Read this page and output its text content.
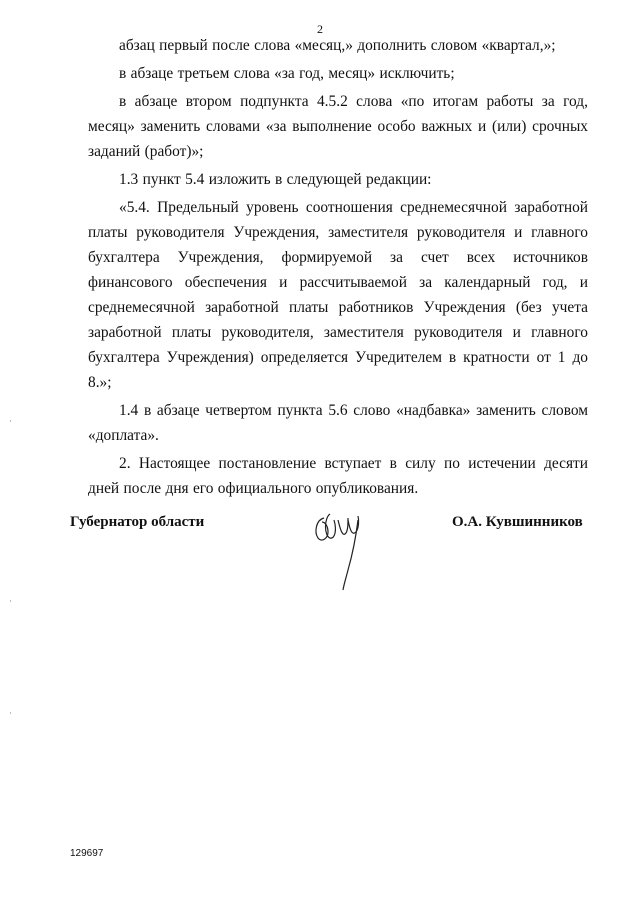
2

абзац первый после слова «месяц,» дополнить словом «квартал,»;

в абзаце третьем слова «за год, месяц» исключить;

в абзаце втором подпункта 4.5.2 слова «по итогам работы за год, месяц» заменить словами «за выполнение особо важных и (или) срочных заданий (работ)»;

1.3 пункт 5.4 изложить в следующей редакции:

«5.4. Предельный уровень соотношения среднемесячной заработной платы руководителя Учреждения, заместителя руководителя и главного бухгалтера Учреждения, формируемой за счет всех источников финансового обеспечения и рассчитываемой за календарный год, и среднемесячной заработной платы работников Учреждения (без учета заработной платы руководителя, заместителя руководителя и главного бухгалтера Учреждения) определяется Учредителем в кратности от 1 до 8.»;

1.4 в абзаце четвертом пункта 5.6 слово «надбавка» заменить словом «доплата».

2. Настоящее постановление вступает в силу по истечении десяти дней после дня его официального опубликования.

Губернатор области	О.А. Кувшинников
129697
